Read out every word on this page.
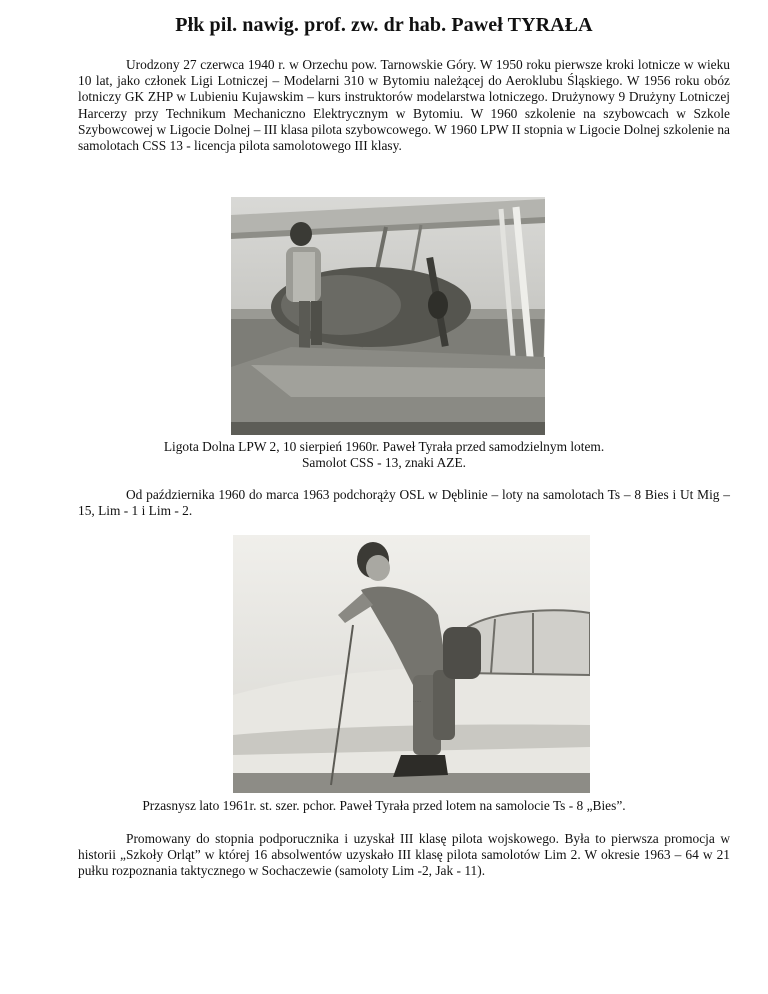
Płk pil. nawig. prof. zw. dr hab. Paweł TYRAŁA

Urodzony 27 czerwca 1940 r. w Orzechu pow. Tarnowskie Góry. W 1950 roku pierwsze kroki lotnicze w wieku 10 lat, jako członek Ligi Lotniczej – Modelarni 310 w Bytomiu należącej do Aeroklubu Śląskiego. W 1956 roku obóz lotniczy GK ZHP w Lubieniu Kujawskim – kurs instruktorów modelarstwa lotniczego. Drużynowy 9 Drużyny Lotniczej Harcerzy przy Technikum Mechaniczno Elektrycznym w Bytomiu. W 1960 szkolenie na szybowcach w Szkole Szybowcowej w Ligocie Dolnej – III klasa pilota szybowcowego. W 1960 LPW II stopnia w Ligocie Dolnej szkolenie na samolotach CSS 13 - licencja pilota samolotowego III klasy.

Ligota Dolna LPW 2, 10 sierpień 1960r. Paweł Tyrała przed samodzielnym lotem.
Samolot CSS - 13, znaki AZE.

Od października 1960 do marca 1963 podchorąży OSL w Dęblinie – loty na samolotach Ts – 8 Bies i Ut Mig – 15, Lim - 1 i Lim - 2.

·····
Przasnysz lato 1961r. st. szer. pchor. Paweł Tyrała przed lotem na samolocie Ts - 8 „Bies”.

Promowany do stopnia podporucznika i uzyskał III klasę pilota wojskowego. Była to pierwsza promocja w historii „Szkoły Orląt” w której 16 absolwentów uzyskało III klasę pilota samolotów Lim 2. W okresie 1963 – 64 w 21 pułku rozpoznania taktycznego w Sochaczewie (samoloty Lim -2, Jak - 11).
